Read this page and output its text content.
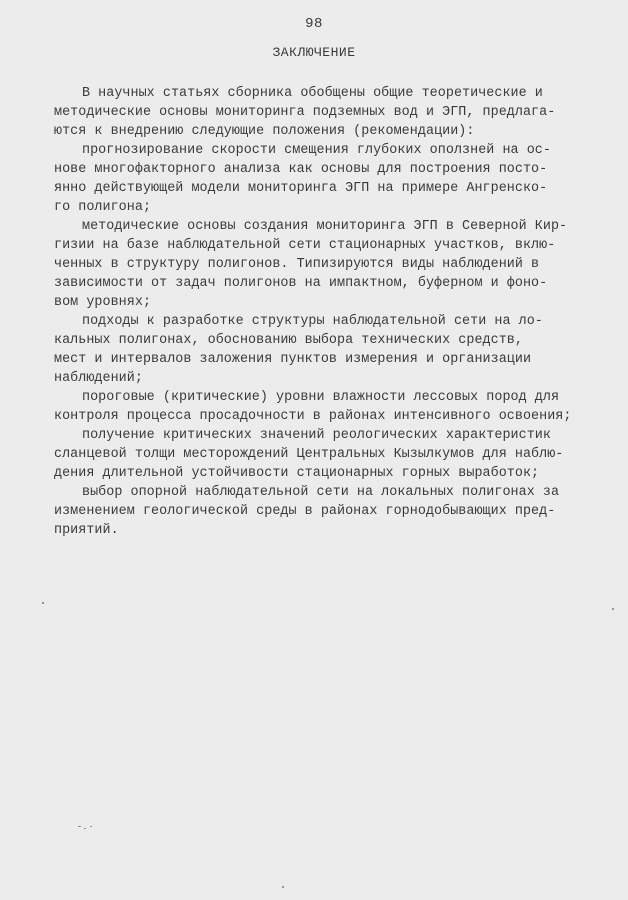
98
ЗАКЛЮЧЕНИЕ
В научных статьях сборника обобщены общие теоретические и
методические основы мониторинга подземных вод и ЭГП, предлага-
ются к внедрению следующие положения (рекомендации):
прогнозирование скорости смещения глубоких оползней на ос-
нове многофакторного анализа как основы для построения посто-
янно действующей модели мониторинга ЭГП на примере Ангренско-
го полигона;
методические основы создания мониторинга ЭГП в Северной Кир-
гизии на базе наблюдательной сети стационарных участков, вклю-
ченных в структуру полигонов. Типизируются виды наблюдений в
зависимости от задач полигонов на импактном, буферном и фоно-
вом уровнях;
подходы к разработке структуры наблюдательной сети на ло-
кальных полигонах, обоснованию выбора технических средств,
мест и интервалов заложения пунктов измерения и организации
наблюдений;
пороговые (критические) уровни влажности лессовых пород для
контроля процесса просадочности в районах интенсивного освоения;
получение критических значений реологических характеристик
сланцевой толщи месторождений Центральных Кызылкумов для наблю-
дения длительной устойчивости стационарных горных выработок;
выбор опорной наблюдательной сети на локальных полигонах за
изменением геологической среды в районах горнодобывающих пред-
приятий.
